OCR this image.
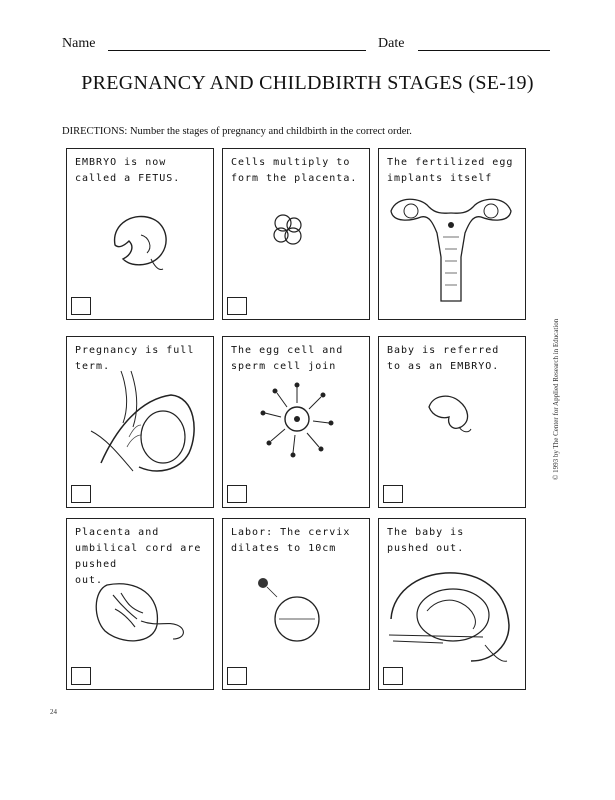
Name	Date
PREGNANCY AND CHILDBIRTH STAGES (SE-19)
DIRECTIONS: Number the stages of pregnancy and childbirth in the correct order.
EMBRYO is now
called a FETUS.
Cells multiply to
form the placenta.
The fertilized egg
implants itself
Pregnancy is full
term.
The egg cell and
sperm cell join
Baby is referred
to as an EMBRYO.
Placenta and
umbilical cord are
pushed
out.
Labor: The cervix
dilates to 10cm
The baby is
pushed out.
© 1993 by The Center for Applied Research in Education
24
